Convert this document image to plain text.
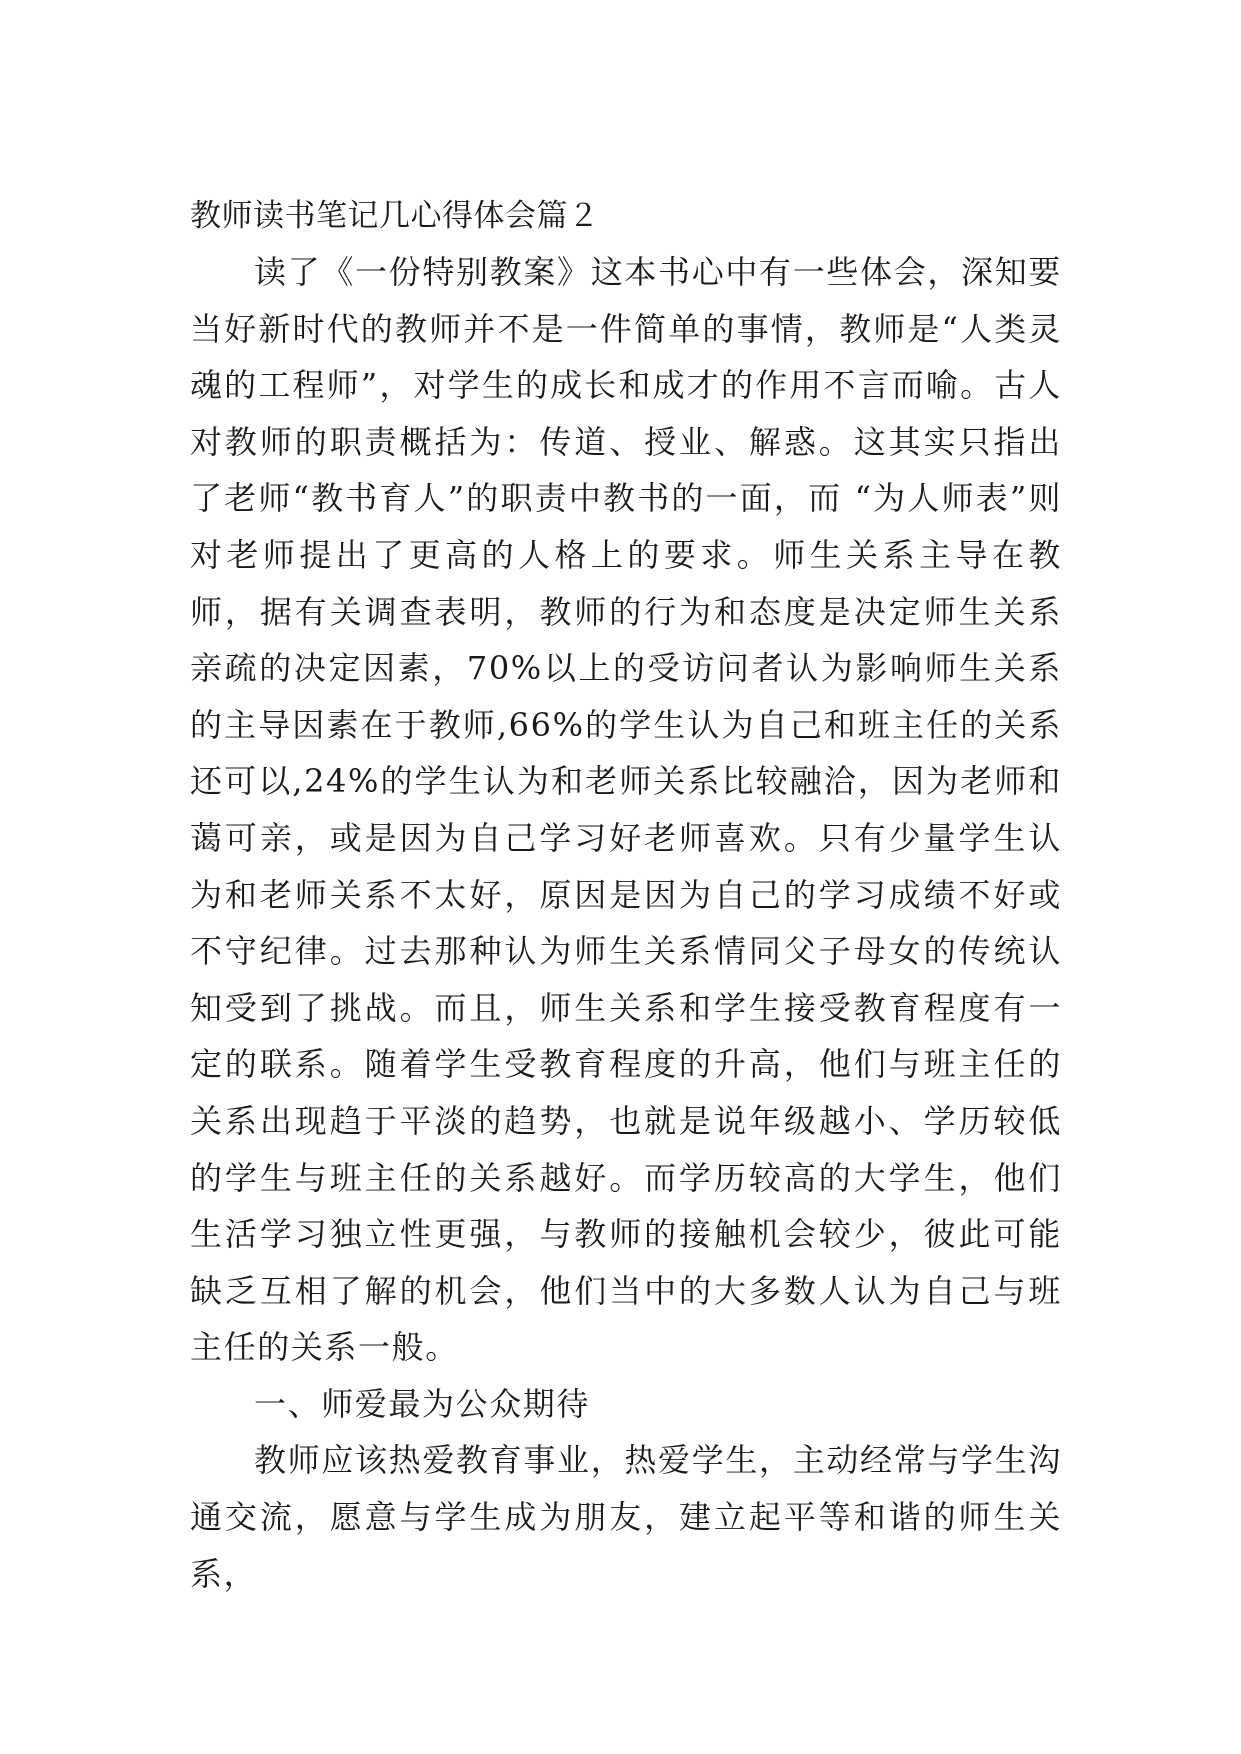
教师读书笔记几心得体会篇２

读了《一份特别教案》这本书心中有一些体会，深知要当好新时代的教师并不是一件简单的事情，教师是“人类灵魂的工程师”，对学生的成长和成才的作用不言而喻。古人对教师的职责概括为：传道、授业、解惑。这其实只指出了老师“教书育人”的职责中教书的一面，而 “为人师表”则对老师提出了更高的人格上的要求。师生关系主导在教师，据有关调查表明，教师的行为和态度是决定师生关系亲疏的决定因素，70%以上的受访问者认为影响师生关系的主导因素在于教师,66%的学生认为自己和班主任的关系还可以,24%的学生认为和老师关系比较融洽，因为老师和蔼可亲，或是因为自己学习好老师喜欢。只有少量学生认为和老师关系不太好，原因是因为自己的学习成绩不好或不守纪律。过去那种认为师生关系情同父子母女的传统认知受到了挑战。而且，师生关系和学生接受教育程度有一定的联系。随着学生受教育程度的升高，他们与班主任的关系出现趋于平淡的趋势，也就是说年级越小、学历较低的学生与班主任的关系越好。而学历较高的大学生，他们生活学习独立性更强，与教师的接触机会较少，彼此可能缺乏互相了解的机会，他们当中的大多数人认为自己与班主任的关系一般。

一、师爱最为公众期待

教师应该热爱教育事业，热爱学生，主动经常与学生沟通交流，愿意与学生成为朋友，建立起平等和谐的师生关系，
